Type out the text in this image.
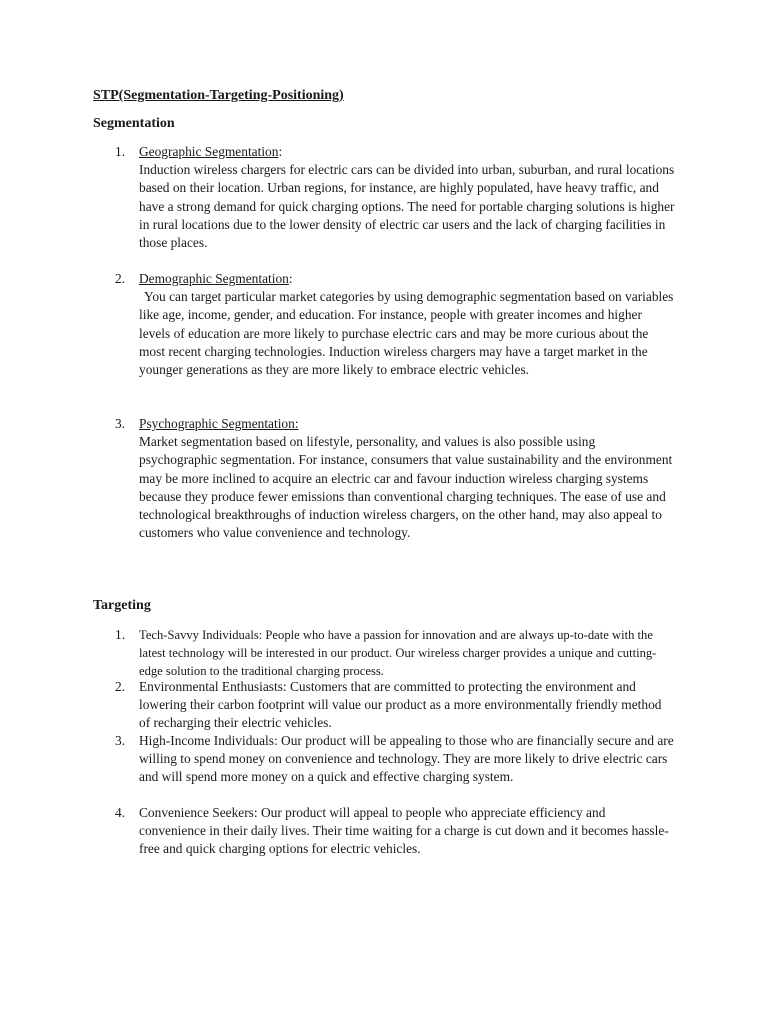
STP(Segmentation-Targeting-Positioning)
Segmentation
1.	Geographic Segmentation:
Induction wireless chargers for electric cars can be divided into urban, suburban, and rural locations based on their location. Urban regions, for instance, are highly populated, have heavy traffic, and have a strong demand for quick charging options. The need for portable charging solutions is higher in rural locations due to the lower density of electric car users and the lack of charging facilities in those places.
2.	Demographic Segmentation:
You can target particular market categories by using demographic segmentation based on variables like age, income, gender, and education. For instance, people with greater incomes and higher levels of education are more likely to purchase electric cars and may be more curious about the most recent charging technologies. Induction wireless chargers may have a target market in the younger generations as they are more likely to embrace electric vehicles.
3.	Psychographic Segmentation:
Market segmentation based on lifestyle, personality, and values is also possible using psychographic segmentation. For instance, consumers that value sustainability and the environment may be more inclined to acquire an electric car and favour induction wireless charging systems because they produce fewer emissions than conventional charging techniques. The ease of use and technological breakthroughs of induction wireless chargers, on the other hand, may also appeal to customers who value convenience and technology.
Targeting
1.	Tech-Savvy Individuals: People who have a passion for innovation and are always up-to-date with the latest technology will be interested in our product. Our wireless charger provides a unique and cutting-edge solution to the traditional charging process.
2.	Environmental Enthusiasts: Customers that are committed to protecting the environment and lowering their carbon footprint will value our product as a more environmentally friendly method of recharging their electric vehicles.
3.	High-Income Individuals: Our product will be appealing to those who are financially secure and are willing to spend money on convenience and technology. They are more likely to drive electric cars and will spend more money on a quick and effective charging system.
4.	Convenience Seekers: Our product will appeal to people who appreciate efficiency and convenience in their daily lives. Their time waiting for a charge is cut down and it becomes hassle-free and quick charging options for electric vehicles.
